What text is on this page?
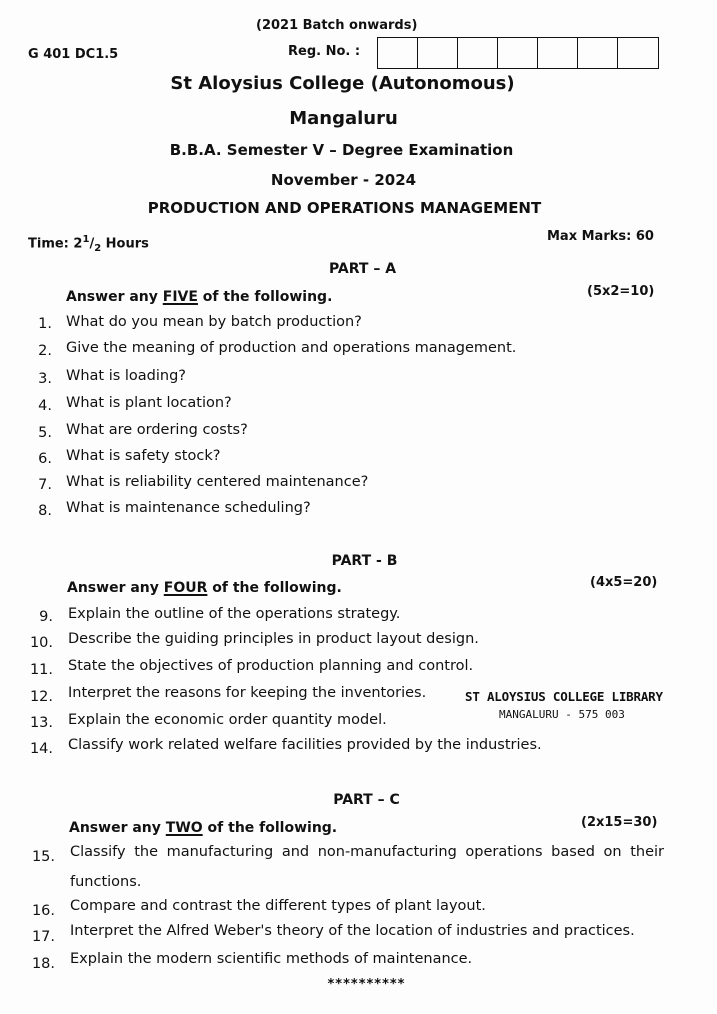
(2021 Batch onwards)
G 401 DC1.5	Reg. No. :
St Aloysius College (Autonomous)
Mangaluru
B.B.A. Semester V – Degree Examination
November - 2024
PRODUCTION AND OPERATIONS MANAGEMENT
Time: $2^1/_2$ Hours	Max Marks: 60
PART – A
Answer any FIVE of the following.	(5x2=10)
1. What do you mean by batch production?
2. Give the meaning of production and operations management.
3. What is loading?
4. What is plant location?
5. What are ordering costs?
6. What is safety stock?
7. What is reliability centered maintenance?
8. What is maintenance scheduling?
PART - B
Answer any FOUR of the following.	(4x5=20)
9. Explain the outline of the operations strategy.
10. Describe the guiding principles in product layout design.
11. State the objectives of production planning and control.
12. Interpret the reasons for keeping the inventories.
13. Explain the economic order quantity model.
14. Classify work related welfare facilities provided by the industries.
ST ALOYSIUS COLLEGE LIBRARY
MANGALURU - 575 003
PART – C
Answer any TWO of the following.	(2x15=30)
15. Classify the manufacturing and non-manufacturing operations based on their
functions.
16. Compare and contrast the different types of plant layout.
17. Interpret the Alfred Weber's theory of the location of industries and practices.
18. Explain the modern scientific methods of maintenance.
**********
